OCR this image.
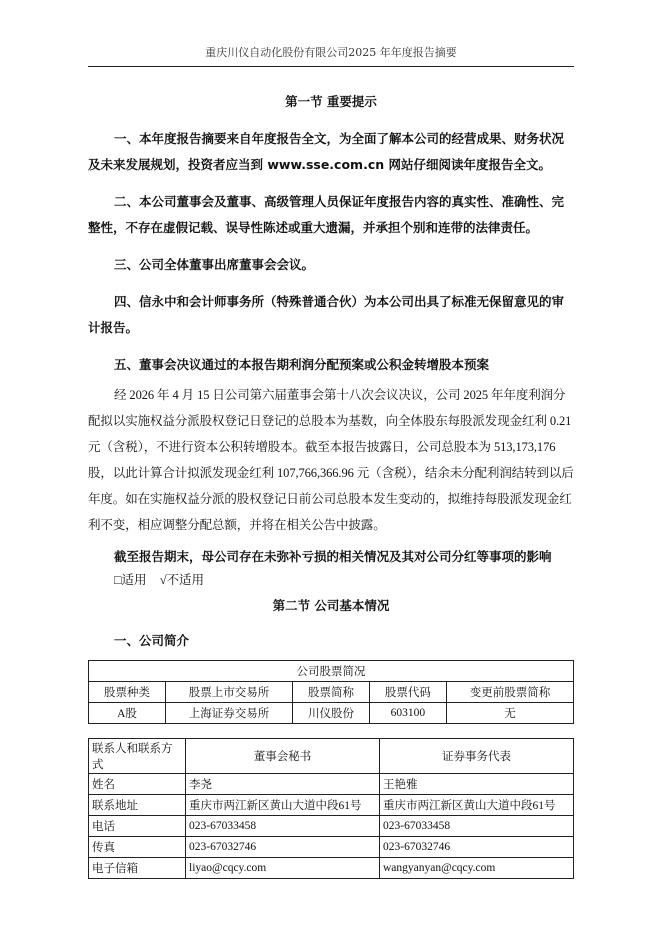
重庆川仪自动化股份有限公司2025 年年度报告摘要
第一节 重要提示

一、本年度报告摘要来自年度报告全文，为全面了解本公司的经营成果、财务状况及未来发展规划，投资者应当到 www.sse.com.cn 网站仔细阅读年度报告全文。

二、本公司董事会及董事、高级管理人员保证年度报告内容的真实性、准确性、完整性，不存在虚假记载、误导性陈述或重大遗漏，并承担个别和连带的法律责任。

三、公司全体董事出席董事会会议。

四、信永中和会计师事务所（特殊普通合伙）为本公司出具了标准无保留意见的审计报告。

五、董事会决议通过的本报告期利润分配预案或公积金转增股本预案

经 2026 年 4 月 15 日公司第六届董事会第十八次会议决议，公司 2025 年年度利润分配拟以实施权益分派股权登记日登记的总股本为基数，向全体股东每股派发现金红利 0.21 元（含税），不进行资本公积转增股本。截至本报告披露日，公司总股本为 513,173,176 股，以此计算合计拟派发现金红利 107,766,366.96 元（含税），结余未分配利润结转到以后年度。如在实施权益分派的股权登记日前公司总股本发生变动的，拟维持每股派发现金红利不变，相应调整分配总额，并将在相关公告中披露。

截至报告期末，母公司存在未弥补亏损的相关情况及其对公司分红等事项的影响

□适用 √不适用
第二节 公司基本情况

一、公司简介

公司股票简况				
股票种类	股票上市交易所	股票简称	股票代码	变更前股票简称
A股	上海证券交易所	川仪股份	603100	无
联系人和联系方式	董事会秘书	证券事务代表
姓名	李尧	王艳雅
联系地址	重庆市两江新区黄山大道中段61号	重庆市两江新区黄山大道中段61号
电话	023-67033458	023-67033458
传真	023-67032746	023-67032746
电子信箱	liyao@cqcy.com	wangyanyan@cqcy.com
